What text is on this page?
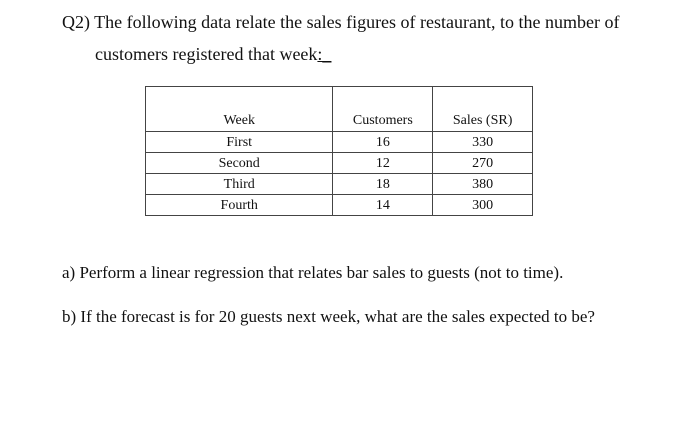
Q2) The following data relate the sales figures of restaurant, to the number of
customers registered that week:_
Week	Customers	Sales (SR)
First	16	330
Second	12	270
Third	18	380
Fourth	14	300
a) Perform a linear regression that relates bar sales to guests (not to time).
b) If the forecast is for 20 guests next week, what are the sales expected to be?
